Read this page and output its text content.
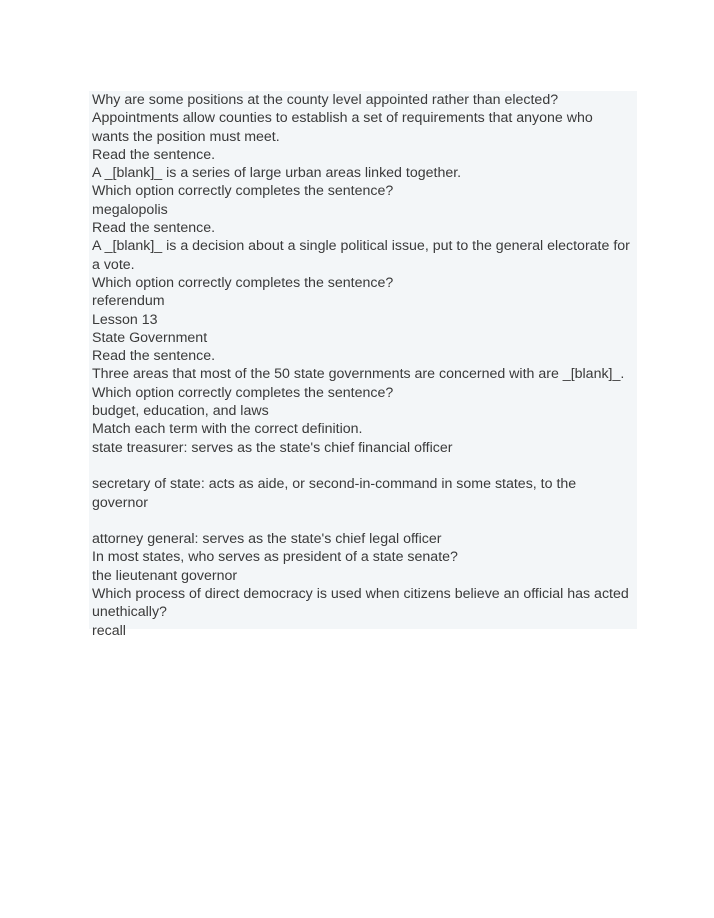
Why are some positions at the county level appointed rather than elected?
Appointments allow counties to establish a set of requirements that anyone who wants the position must meet.
Read the sentence.
A _[blank]_ is a series of large urban areas linked together.
Which option correctly completes the sentence?
megalopolis
Read the sentence.
A _[blank]_ is a decision about a single political issue, put to the general electorate for a vote.
Which option correctly completes the sentence?
referendum
Lesson 13
State Government
Read the sentence.
Three areas that most of the 50 state governments are concerned with are _[blank]_.
Which option correctly completes the sentence?
budget, education, and laws
Match each term with the correct definition.
state treasurer: serves as the state's chief financial officer
secretary of state: acts as aide, or second-in-command in some states, to the governor
attorney general: serves as the state's chief legal officer
In most states, who serves as president of a state senate?
the lieutenant governor
Which process of direct democracy is used when citizens believe an official has acted unethically?
recall
